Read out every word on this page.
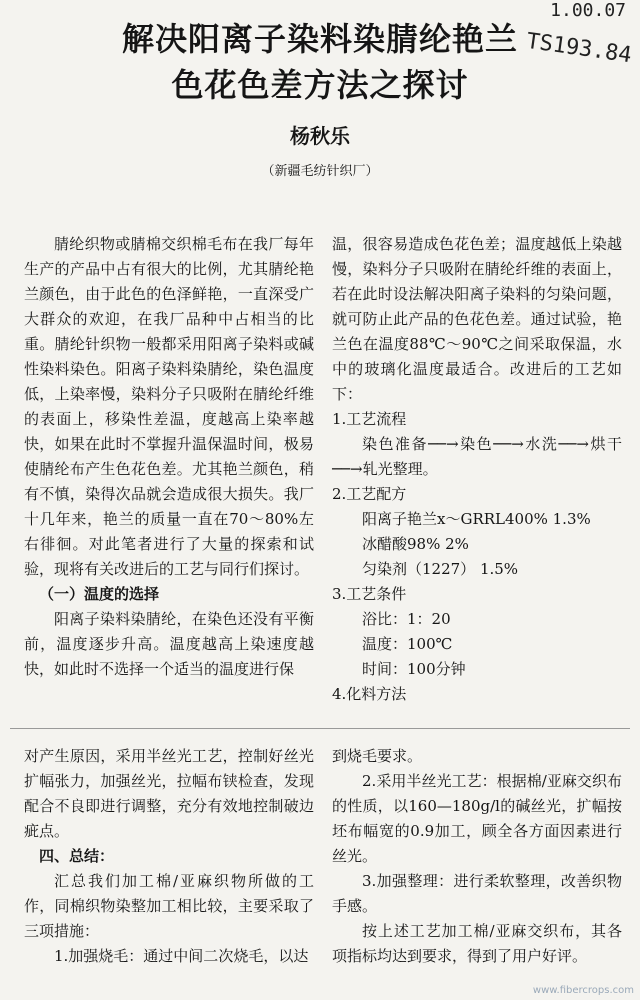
1.00.07
TS193.84
解决阳离子染料染腈纶艳兰
色花色差方法之探讨
杨秋乐
（新疆毛纺针织厂）

腈纶织物或腈棉交织棉毛布在我厂每年生产的产品中占有很大的比例，尤其腈纶艳兰颜色，由于此色的色泽鲜艳，一直深受广大群众的欢迎，在我厂品种中占相当的比重。腈纶针织物一般都采用阳离子染料或碱性染料染色。阳离子染料染腈纶，染色温度低，上染率慢，染料分子只吸附在腈纶纤维的表面上，移染性差温，度越高上染率越快，如果在此时不掌握升温保温时间，极易使腈纶布产生色花色差。尤其艳兰颜色，稍有不慎，染得次品就会造成很大损失。我厂十几年来，艳兰的质量一直在70～80%左右徘徊。对此笔者进行了大量的探索和试验，现将有关改进后的工艺与同行们探讨。

（一）温度的选择

阳离子染料染腈纶，在染色还没有平衡前，温度逐步升高。温度越高上染速度越快，如此时不选择一个适当的温度进行保

温，很容易造成色花色差；温度越低上染越慢，染料分子只吸附在腈纶纤维的表面上，若在此时设法解决阳离子染料的匀染问题，就可防止此产品的色花色差。通过试验，艳兰色在温度88℃～90℃之间采取保温，水中的玻璃化温度最适合。改进后的工艺如下：

1.工艺流程

染色准备──→染色──→水洗──→烘干──→轧光整理。

2.工艺配方

阳离子艳兰x～GRRL400% 1.3%

冰醋酸98% 2%

匀染剂（1227） 1.5%

3.工艺条件

浴比：1：20

温度：100℃

时间：100分钟

4.化料方法

对产生原因，采用半丝光工艺，控制好丝光扩幅张力，加强丝光，拉幅布铗检查，发现配合不良即进行调整，充分有效地控制破边疵点。

四、总结：

汇总我们加工棉/亚麻织物所做的工作，同棉织物染整加工相比较，主要采取了三项措施：

1.加强烧毛：通过中间二次烧毛，以达

到烧毛要求。

2.采用半丝光工艺：根据棉/亚麻交织布的性质，以160—180g/l的碱丝光，扩幅按坯布幅宽的0.9加工，顾全各方面因素进行丝光。

3.加强整理：进行柔软整理，改善织物手感。

按上述工艺加工棉/亚麻交织布，其各项指标均达到要求，得到了用户好评。

www.fibercrops.com
